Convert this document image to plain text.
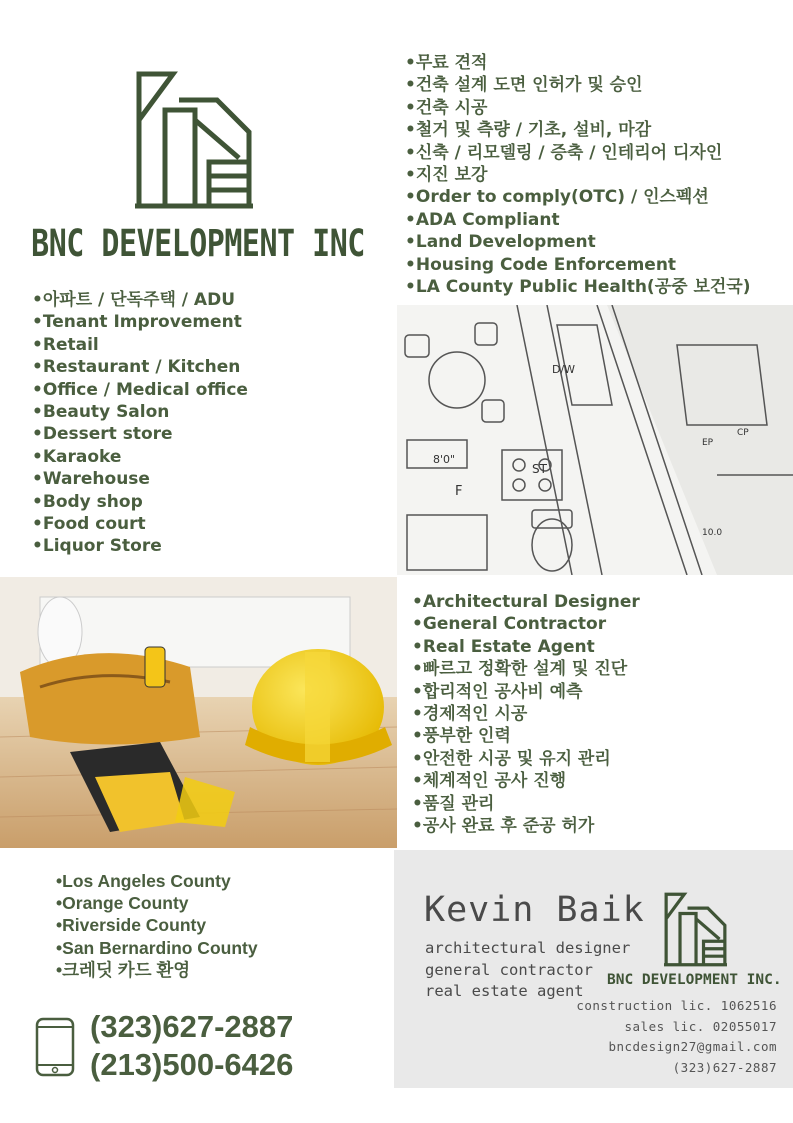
BNC DEVELOPMENT INC
• 무료 견적
• 건축 설계 도면 인허가 및 승인
• 건축 시공
• 철거 및 측량 / 기초, 설비, 마감
• 신축 / 리모델링 / 증축 / 인테리어 디자인
• 지진 보강
• Order to comply(OTC) / 인스펙션
• ADA Compliant
• Land Development
• Housing Code Enforcement
• LA County Public Health(공중 보건국)
• 아파트 / 단독주택 / ADU
• Tenant Improvement
• Retail
• Restaurant / Kitchen
• Office / Medical office
• Beauty Salon
• Dessert store
• Karaoke
• Warehouse
• Body shop
• Food court
• Liquor Store
D/W
8'0"
ST
F
EP
CP
10.0
• Architectural Designer
• General Contractor
• Real Estate Agent
• 빠르고 정확한 설계 및 진단
• 합리적인 공사비 예측
• 경제적인 시공
• 풍부한 인력
• 안전한 시공 및 유지 관리
• 체계적인 공사 진행
• 품질 관리
• 공사 완료 후 준공 허가
• Los Angeles County
• Orange County
• Riverside County
• San Bernardino County
• 크레딧 카드 환영
(323)627-2887
(213)500-6426
Kevin Baik
architectural designer
general contractor
real estate agent
BNC DEVELOPMENT INC.
construction lic. 1062516
sales lic. 02055017
bncdesign27@gmail.com
(323)627-2887
